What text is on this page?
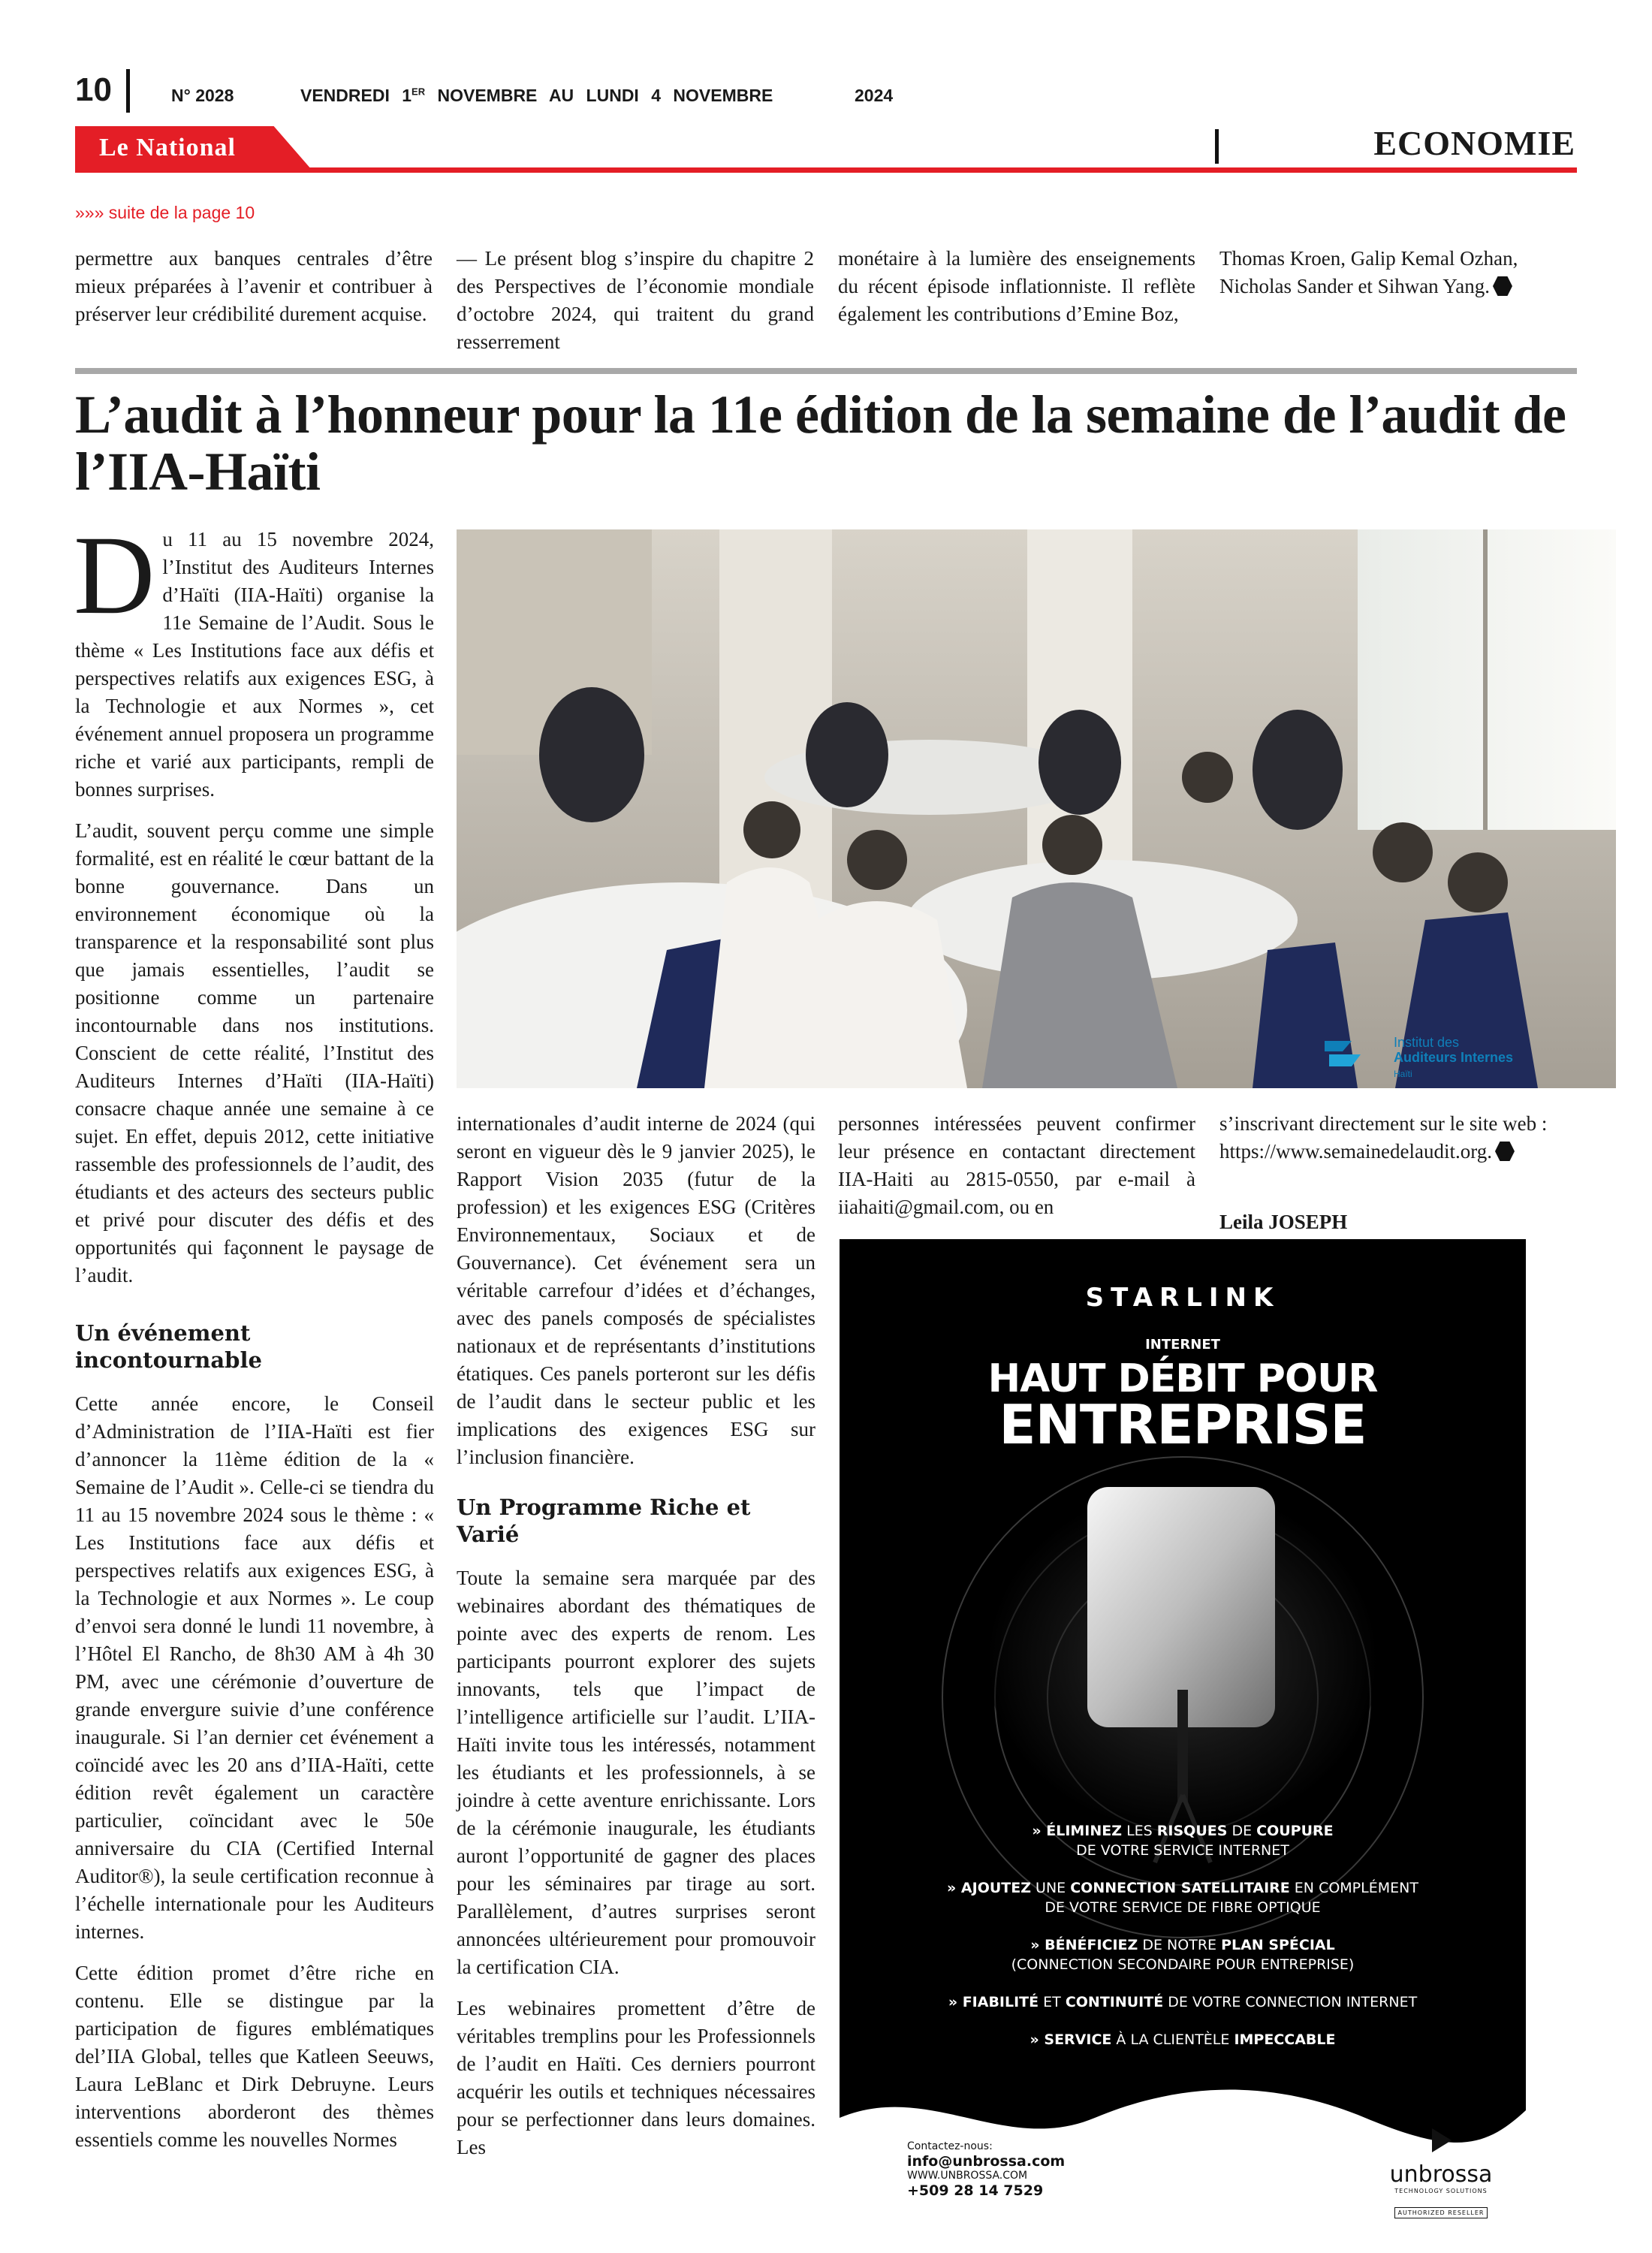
10	N° 2028	VENDREDI 1ER NOVEMBRE AU LUNDI 4 NOVEMBRE	2024
Le National	ECONOMIE
»»» suite de la page 10
permettre aux banques centrales d’être mieux préparées à l’avenir et contribuer à préserver leur crédibilité durement acquise.
— Le présent blog s’inspire du chapitre 2 des Perspectives de l’économie mondiale d’octobre 2024, qui traitent du grand resserrement
monétaire à la lumière des enseignements du récent épisode inflationniste. Il reflète également les contributions d’Emine Boz,
Thomas Kroen, Galip Kemal Ozhan, Nicholas Sander et Sihwan Yang.
L’audit à l’honneur pour la 11e édition de la semaine de l’audit de l’IIA-Haïti

Du 11 au 15 novembre 2024, l’Institut des Auditeurs Internes d’Haïti (IIA-Haïti) organise la 11e Semaine de l’Audit. Sous le thème « Les Institutions face aux défis et perspectives relatifs aux exigences ESG, à la Technologie et aux Normes », cet événement annuel proposera un programme riche et varié aux participants, rempli de bonnes surprises.

L’audit, souvent perçu comme une simple formalité, est en réalité le cœur battant de la bonne gouvernance. Dans un environnement économique où la transparence et la responsabilité sont plus que jamais essentielles, l’audit se positionne comme un partenaire incontournable dans nos institutions. Conscient de cette réalité, l’Institut des Auditeurs Internes d’Haïti (IIA-Haïti) consacre chaque année une semaine à ce sujet. En effet, depuis 2012, cette initiative rassemble des professionnels de l’audit, des étudiants et des acteurs des secteurs public et privé pour discuter des défis et des opportunités qui façonnent le paysage de l’audit.

Un événement incontournable

Cette année encore, le Conseil d’Administration de l’IIA-Haïti est fier d’annoncer la 11ème édition de la « Semaine de l’Audit ». Celle-ci se tiendra du 11 au 15 novembre 2024 sous le thème : « Les Institutions face aux défis et perspectives relatifs aux exigences ESG, à la Technologie et aux Normes ». Le coup d’envoi sera donné le lundi 11 novembre, à l’Hôtel El Rancho, de 8h30 AM à 4h 30 PM, avec une cérémonie d’ouverture de grande envergure suivie d’une conférence inaugurale. Si l’an dernier cet événement a coïncidé avec les 20 ans d’IIA-Haïti, cette édition revêt également un caractère particulier, coïncidant avec le 50e anniversaire du CIA (Certified Internal Auditor®), la seule certification reconnue à l’échelle internationale pour les Auditeurs internes.

Cette édition promet d’être riche en contenu. Elle se distingue par la participation de figures emblématiques del’IIA Global, telles que Katleen Seeuws, Laura LeBlanc et Dirk Debruyne. Leurs interventions aborderont des thèmes essentiels comme les nouvelles Normes

Institut des
Auditeurs Internes
Haïti

internationales d’audit interne de 2024 (qui seront en vigueur dès le 9 janvier 2025), le Rapport Vision 2035 (futur de la profession) et les exigences ESG (Critères Environnementaux, Sociaux et de Gouvernance). Cet événement sera un véritable carrefour d’idées et d’échanges, avec des panels composés de spécialistes nationaux et de représentants d’institutions étatiques. Ces panels porteront sur les défis de l’audit dans le secteur public et les implications des exigences ESG sur l’inclusion financière.

Un Programme Riche et Varié

Toute la semaine sera marquée par des webinaires abordant des thématiques de pointe avec des experts de renom. Les participants pourront explorer des sujets innovants, tels que l’impact de l’intelligence artificielle sur l’audit. L’IIA-Haïti invite tous les intéressés, notamment les étudiants et les professionnels, à se joindre à cette aventure enrichissante. Lors de la cérémonie inaugurale, les étudiants auront l’opportunité de gagner des places pour les séminaires par tirage au sort. Parallèlement, d’autres surprises seront annoncées ultérieurement pour promouvoir la certification CIA.

Les webinaires promettent d’être de véritables tremplins pour les Professionnels de l’audit en Haïti. Ces derniers pourront acquérir les outils et techniques nécessaires pour se perfectionner dans leurs domaines. Les

personnes intéressées peuvent confirmer leur présence en contactant directement IIA-Haiti au 2815-0550, par e-mail à iiahaiti@gmail.com, ou en

s’inscrivant directement sur le site web : https://www.semainedelaudit.org.

Leila JOSEPH
STARLINK
INTERNET
HAUT DÉBIT POUR
ENTREPRISE
» ÉLIMINEZ LES RISQUES DE COUPURE
DE VOTRE SERVICE INTERNET
» AJOUTEZ UNE CONNECTION SATELLITAIRE EN COMPLÉMENT
DE VOTRE SERVICE DE FIBRE OPTIQUE
» BÉNÉFICIEZ DE NOTRE PLAN SPÉCIAL
(CONNECTION SECONDAIRE POUR ENTREPRISE)
» FIABILITÉ ET CONTINUITÉ DE VOTRE CONNECTION INTERNET
» SERVICE À LA CLIENTÈLE IMPECCABLE
Contactez-nous:
info@unbrossa.com
WWW.UNBROSSA.COM
+509 28 14 7529
unbrossa
TECHNOLOGY SOLUTIONS
AUTHORIZED RESELLER
